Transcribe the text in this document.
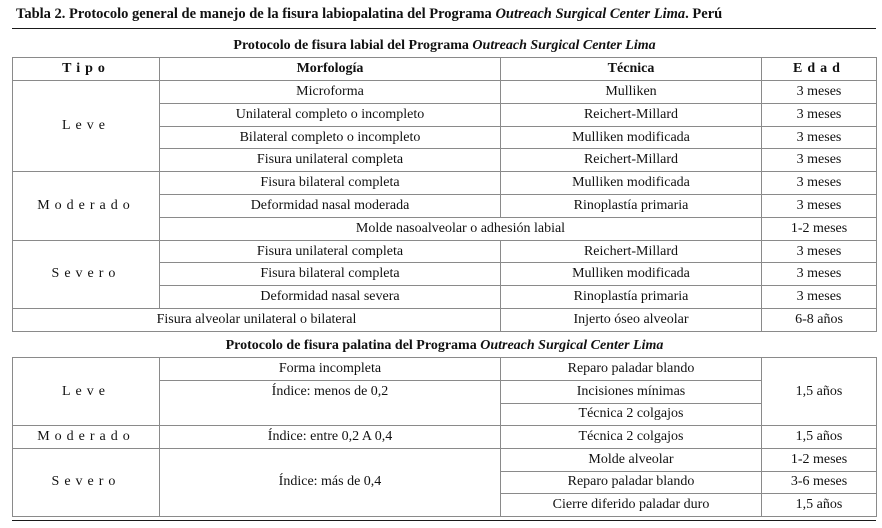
Tabla 2. Protocolo general de manejo de la fisura labiopalatina del Programa Outreach Surgical Center Lima. Perú
Protocolo de fisura labial del Programa Outreach Surgical Center Lima			
Tipo	Morfología	Técnica	Edad
Leve	Microforma	Mulliken	3 meses
	Unilateral completo o incompleto	Reichert-Millard	3 meses
	Bilateral completo o incompleto	Mulliken modificada	3 meses
	Fisura unilateral completa	Reichert-Millard	3 meses
Moderado	Fisura bilateral completa	Mulliken modificada	3 meses
	Deformidad nasal moderada	Rinoplastía primaria	3 meses
	Molde nasoalveolar o adhesión labial		1-2 meses
Severo	Fisura unilateral completa	Reichert-Millard	3 meses
	Fisura bilateral completa	Mulliken modificada	3 meses
	Deformidad nasal severa	Rinoplastía primaria	3 meses
Fisura alveolar unilateral o bilateral		Injerto óseo alveolar	6-8 años
Protocolo de fisura palatina del Programa Outreach Surgical Center Lima			
Leve	Forma incompleta	Reparo paladar blando	1,5 años
	Índice: menos de 0,2	Incisiones mínimas	
		Técnica 2 colgajos	
Moderado	Índice: entre 0,2 A 0,4	Técnica 2 colgajos	1,5 años
Severo	Índice: más de 0,4	Molde alveolar	1-2 meses
		Reparo paladar blando	3-6 meses
		Cierre diferido paladar duro	1,5 años
